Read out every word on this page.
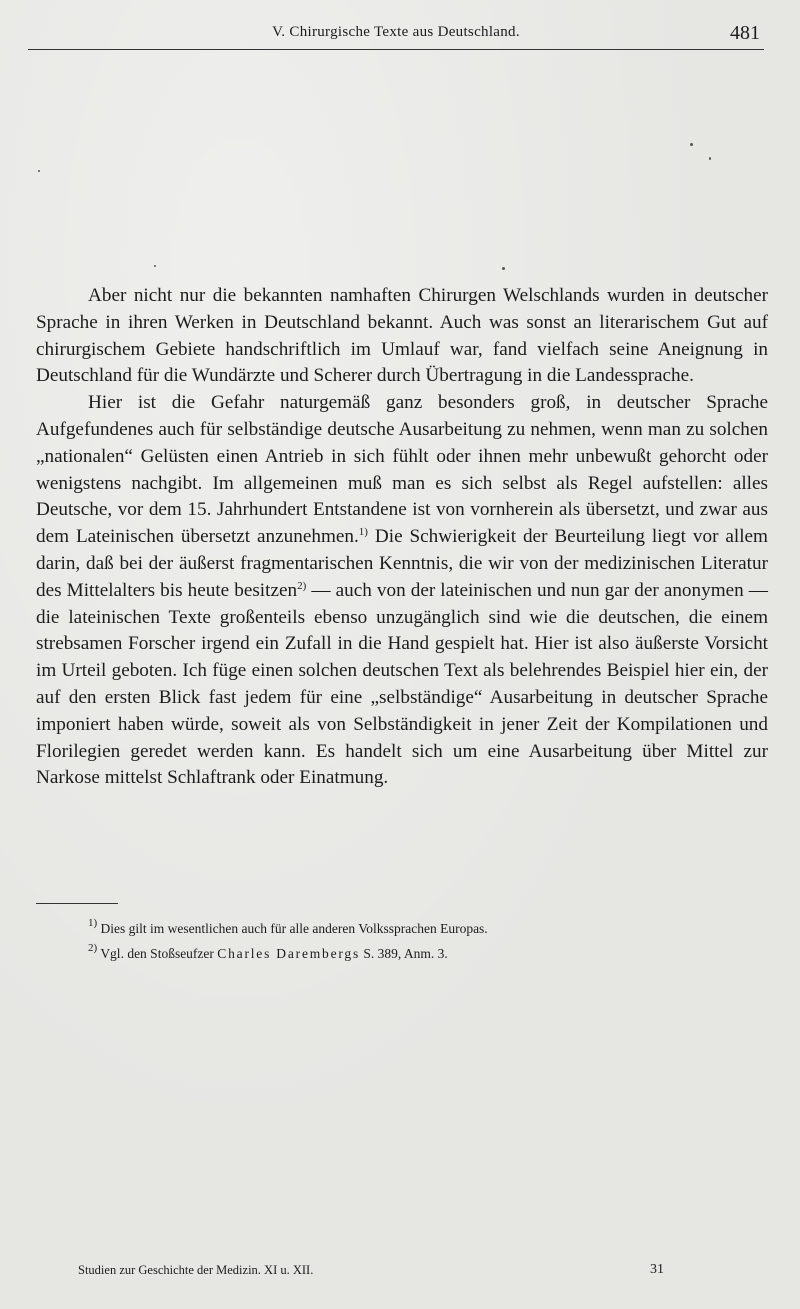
V. Chirurgische Texte aus Deutschland.	481

Aber nicht nur die bekannten namhaften Chirurgen Welschlands wurden in deutscher Sprache in ihren Werken in Deutschland bekannt. Auch was sonst an literarischem Gut auf chirurgischem Gebiete handschriftlich im Umlauf war, fand vielfach seine Aneignung in Deutschland für die Wundärzte und Scherer durch Übertragung in die Landessprache.

Hier ist die Gefahr naturgemäß ganz besonders groß, in deutscher Sprache Aufgefundenes auch für selbständige deutsche Ausarbeitung zu nehmen, wenn man zu solchen „nationalen“ Gelüsten einen Antrieb in sich fühlt oder ihnen mehr unbewußt gehorcht oder wenigstens nachgibt. Im allgemeinen muß man es sich selbst als Regel aufstellen: alles Deutsche, vor dem 15. Jahrhundert Entstandene ist von vornherein als übersetzt, und zwar aus dem Lateinischen übersetzt anzunehmen.$^{1)}$ Die Schwierigkeit der Beurteilung liegt vor allem darin, daß bei der äußerst fragmentarischen Kenntnis, die wir von der medizinischen Literatur des Mittelalters bis heute besitzen$^{2)}$ — auch von der lateinischen und nun gar der anonymen — die lateinischen Texte großenteils ebenso unzugänglich sind wie die deutschen, die einem strebsamen Forscher irgend ein Zufall in die Hand gespielt hat. Hier ist also äußerste Vorsicht im Urteil geboten. Ich füge einen solchen deutschen Text als belehrendes Beispiel hier ein, der auf den ersten Blick fast jedem für eine „selbständige“ Ausarbeitung in deutscher Sprache imponiert haben würde, soweit als von Selbständigkeit in jener Zeit der Kompilationen und Florilegien geredet werden kann. Es handelt sich um eine Ausarbeitung über Mittel zur Narkose mittelst Schlaftrank oder Einatmung.

$^{1)}$ Dies gilt im wesentlichen auch für alle anderen Volkssprachen Europas.
$^{2)}$ Vgl. den Stoßseufzer Charles Darembergs S. 389, Anm. 3.
Studien zur Geschichte der Medizin. XI u. XII.	31
